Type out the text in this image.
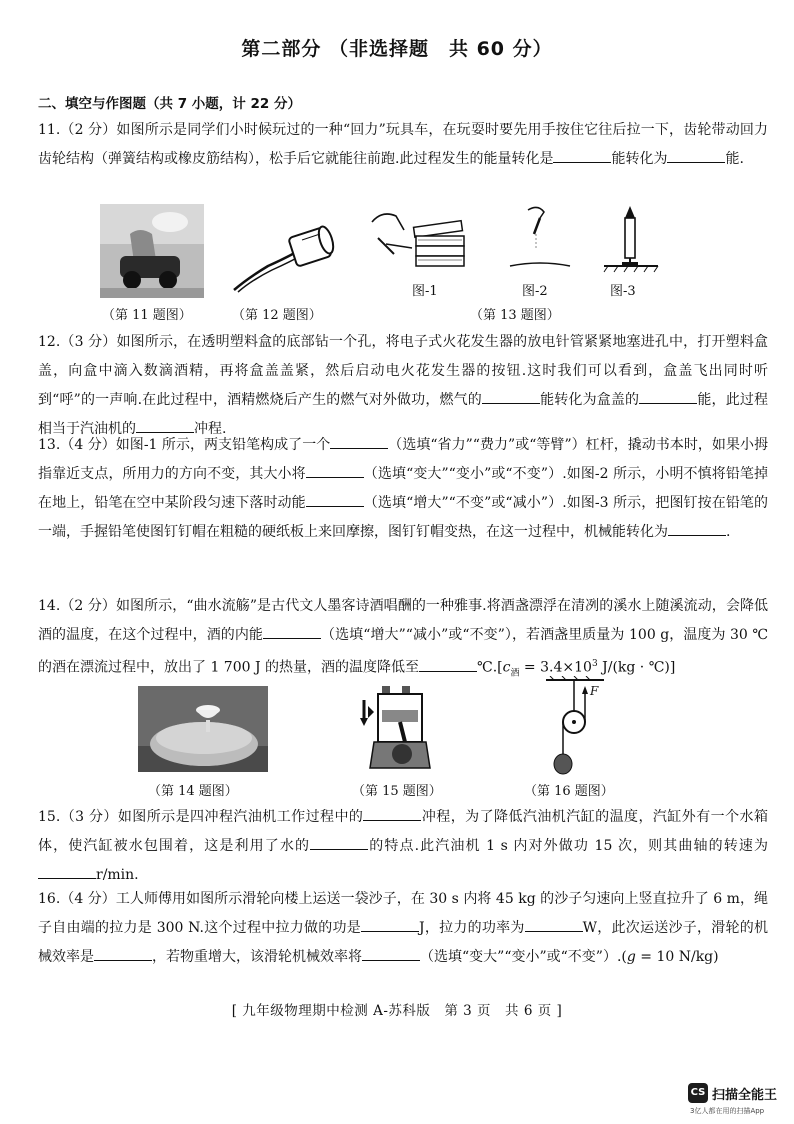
第二部分 （非选择题　共 60 分）
二、填空与作图题（共 7 小题，计 22 分）
11.（2 分）如图所示是同学们小时候玩过的一种“回力”玩具车，在玩耍时要先用手按住它往后拉一下，齿轮带动回力齿轮结构（弹簧结构或橡皮筋结构），松手后它就能往前跑.此过程发生的能量转化是	能转化为	能.
（第 11 题图）	（第 12 题图）
图-1	图-2	图-3
（第 13 题图）
12.（3 分）如图所示，在透明塑料盒的底部钻一个孔，将电子式火花发生器的放电针管紧紧地塞进孔中，打开塑料盒盖，向盒中滴入数滴酒精，再将盒盖盖紧，然后启动电火花发生器的按钮.这时我们可以看到，盒盖飞出同时听到“呼”的一声响.在此过程中，酒精燃烧后产生的燃气对外做功，燃气的	能转化为盒盖的	能，此过程相当于汽油机的	冲程.
13.（4 分）如图-1 所示，两支铅笔构成了一个	（选填“省力”“费力”或“等臂”）杠杆，撬动书本时，如果小拇指靠近支点，所用力的方向不变，其大小将	（选填“变大”“变小”或“不变”）.如图-2 所示，小明不慎将铅笔掉在地上，铅笔在空中某阶段匀速下落时动能	（选填“增大”“不变”或“减小”）.如图-3 所示，把图钉按在铅笔的一端，手握铅笔使图钉钉帽在粗糙的硬纸板上来回摩擦，图钉钉帽变热，在这一过程中，机械能转化为	.
14.（2 分）如图所示，“曲水流觞”是古代文人墨客诗酒唱酬的一种雅事.将酒盏漂浮在清冽的溪水上随溪流动，会降低酒的温度，在这个过程中，酒的内能	（选填“增大”“减小”或“不变”），若酒盏里质量为 100 g，温度为 30 ℃的酒在漂流过程中，放出了 1 700 J 的热量，酒的温度降低至	$℃.[c_酒 = 3.4\times 10^3$ J/(kg · ℃)]
F
（第 14 题图）	（第 15 题图）	（第 16 题图）
15.（3 分）如图所示是四冲程汽油机工作过程中的	冲程，为了降低汽油机汽缸的温度，汽缸外有一个水箱体，使汽缸被水包围着，这是利用了水的	的特点.此汽油机 1 s 内对外做功 15 次，则其曲轴的转速为r/min.
16.（4 分）工人师傅用如图所示滑轮向楼上运送一袋沙子，在 30 s 内将 45 kg 的沙子匀速向上竖直拉升了 6 m，绳子自由端的拉力是 300 N.这个过程中拉力做的功是	J，拉力的功率为	W，此次运送沙子，滑轮的机械效率是	，若物重增大，该滑轮机械效率将	（选填“变大”“变小”或“不变”）.(g = 10 N/kg)
[ 九年级物理期中检测 A-苏科版　第 3 页　共 6 页 ]
CS 扫描全能王
3亿人都在用的扫描App
